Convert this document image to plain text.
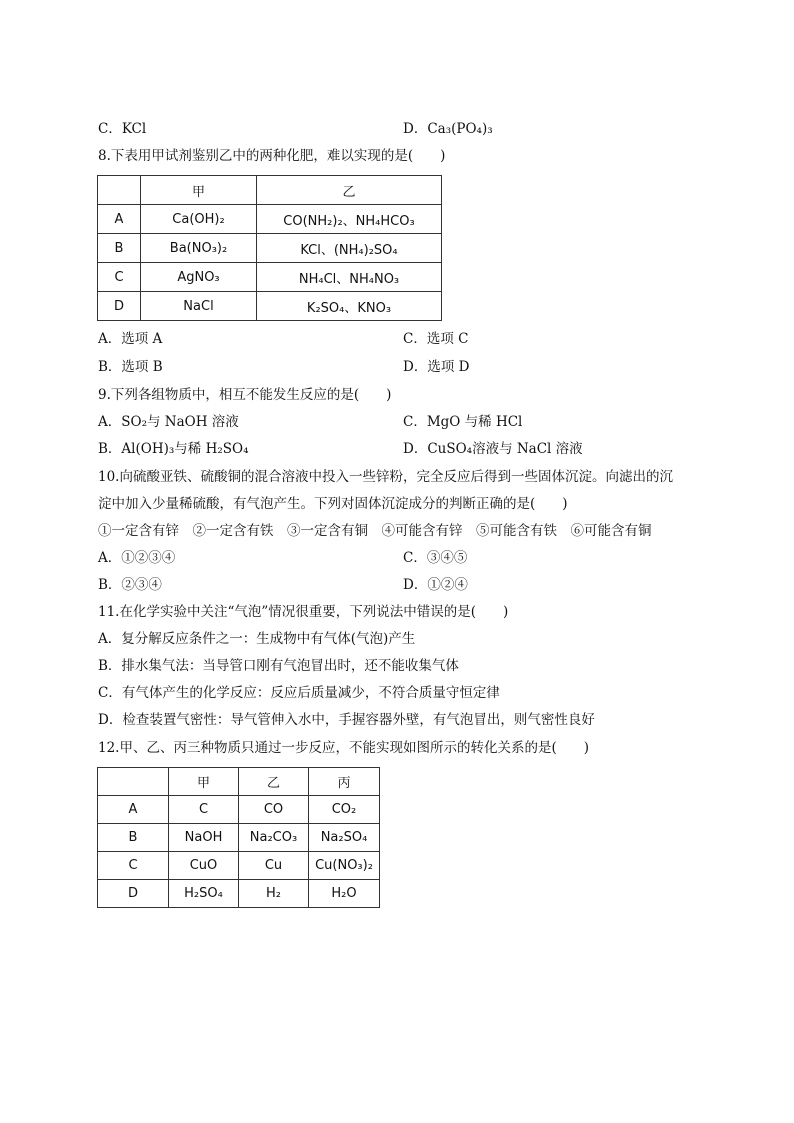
C．KCl	D．Ca₃(PO₄)₃
8.下表用甲试剂鉴别乙中的两种化肥，难以实现的是(　　)
	甲	乙
A	Ca(OH)₂	CO(NH₂)₂、NH₄HCO₃
B	Ba(NO₃)₂	KCl、(NH₄)₂SO₄
C	AgNO₃	NH₄Cl、NH₄NO₃
D	NaCl	K₂SO₄、KNO₃
A．选项 A	C．选项 C
B．选项 B	D．选项 D
9.下列各组物质中，相互不能发生反应的是(　　)
A．SO₂与 NaOH 溶液	C．MgO 与稀 HCl
B．Al(OH)₃与稀 H₂SO₄	D．CuSO₄溶液与 NaCl 溶液
10.向硫酸亚铁、硫酸铜的混合溶液中投入一些锌粉，完全反应后得到一些固体沉淀。向滤出的沉
淀中加入少量稀硫酸，有气泡产生。下列对固体沉淀成分的判断正确的是(　　)
①一定含有锌　②一定含有铁　③一定含有铜　④可能含有锌　⑤可能含有铁　⑥可能含有铜
A．①②③④	C．③④⑤
B．②③④	D．①②④
11.在化学实验中关注“气泡”情况很重要，下列说法中错误的是(　　)
A．复分解反应条件之一：生成物中有气体(气泡)产生
B．排水集气法：当导管口刚有气泡冒出时，还不能收集气体
C．有气体产生的化学反应：反应后质量减少，不符合质量守恒定律
D．检查装置气密性：导气管伸入水中，手握容器外壁，有气泡冒出，则气密性良好
12.甲、乙、丙三种物质只通过一步反应，不能实现如图所示的转化关系的是(　　)
	甲	乙	丙
A	C	CO	CO₂
B	NaOH	Na₂CO₃	Na₂SO₄
C	CuO	Cu	Cu(NO₃)₂
D	H₂SO₄	H₂	H₂O
